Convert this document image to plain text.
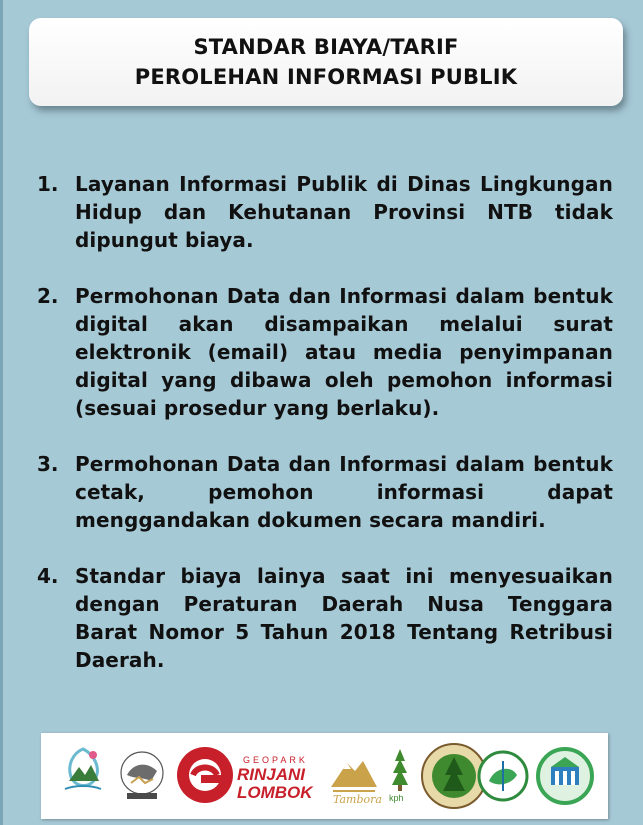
STANDAR BIAYA/TARIF
PEROLEHAN INFORMASI PUBLIK
1. Layanan Informasi Publik di Dinas Lingkungan Hidup dan Kehutanan Provinsi NTB tidak dipungut biaya.
2. Permohonan Data dan Informasi dalam bentuk digital akan disampaikan melalui surat elektronik (email) atau media penyimpanan digital yang dibawa oleh pemohon informasi (sesuai prosedur yang berlaku).
3. Permohonan Data dan Informasi dalam bentuk cetak, pemohon informasi dapat menggandakan dokumen secara mandiri.
4. Standar biaya lainya saat ini menyesuaikan dengan Peraturan Daerah Nusa Tenggara Barat Nomor 5 Tahun 2018 Tentang Retribusi Daerah.
GEOPARK
RINJANI
LOMBOK Tambora kph
